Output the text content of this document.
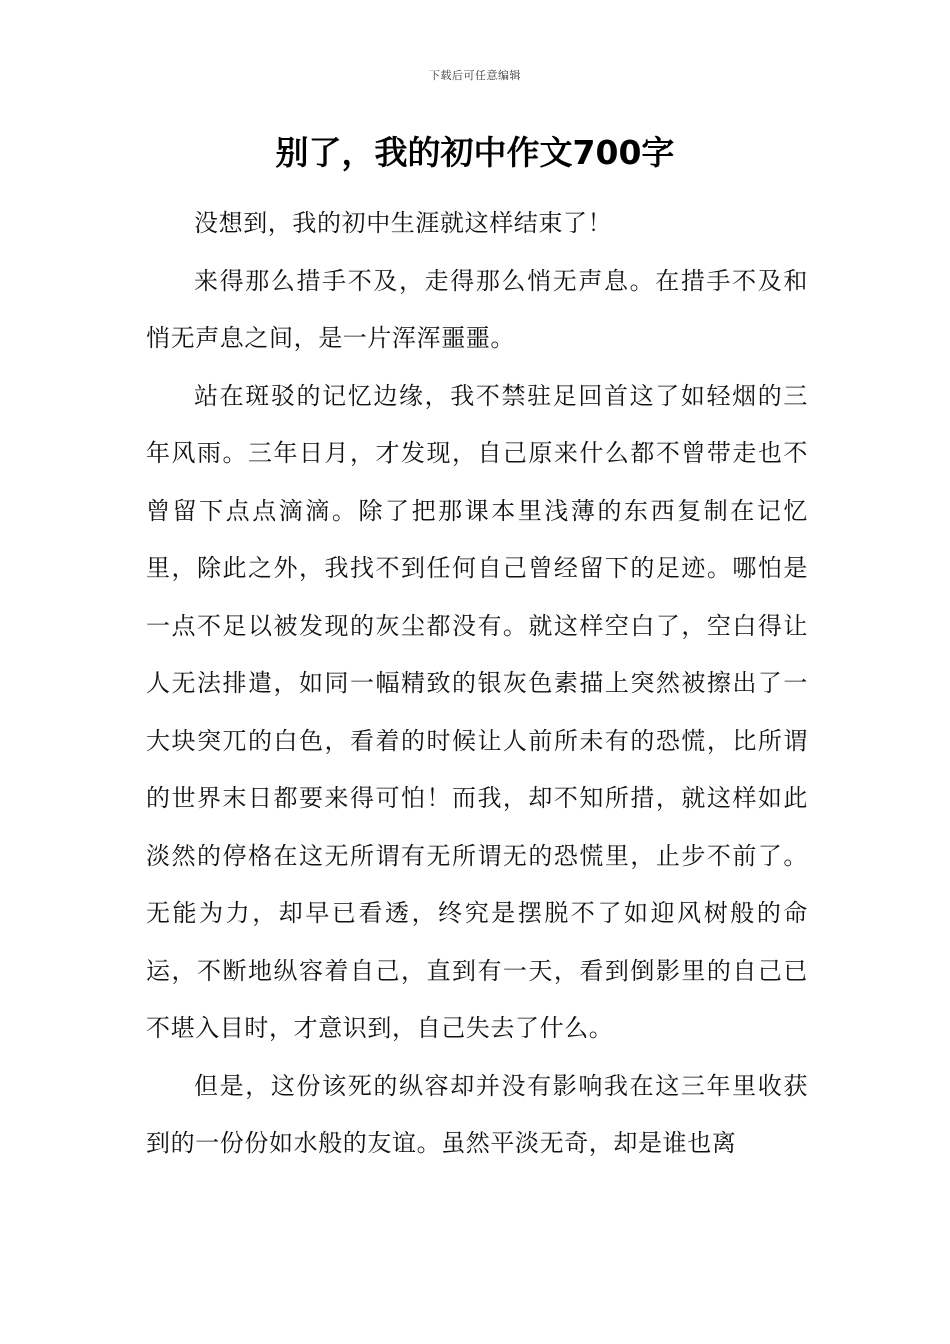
下载后可任意编辑
别了，我的初中作文700字

没想到，我的初中生涯就这样结束了！

来得那么措手不及，走得那么悄无声息。在措手不及和悄无声息之间，是一片浑浑噩噩。

站在斑驳的记忆边缘，我不禁驻足回首这了如轻烟的三年风雨。三年日月，才发现，自己原来什么都不曾带走也不曾留下点点滴滴。除了把那课本里浅薄的东西复制在记忆里，除此之外，我找不到任何自己曾经留下的足迹。哪怕是一点不足以被发现的灰尘都没有。就这样空白了，空白得让人无法排遣，如同一幅精致的银灰色素描上突然被擦出了一大块突兀的白色，看着的时候让人前所未有的恐慌，比所谓的世界末日都要来得可怕！而我，却不知所措，就这样如此淡然的停格在这无所谓有无所谓无的恐慌里，止步不前了。无能为力，却早已看透，终究是摆脱不了如迎风树般的命运，不断地纵容着自己，直到有一天，看到倒影里的自己已不堪入目时，才意识到，自己失去了什么。

但是，这份该死的纵容却并没有影响我在这三年里收获到的一份份如水般的友谊。虽然平淡无奇，却是谁也离
